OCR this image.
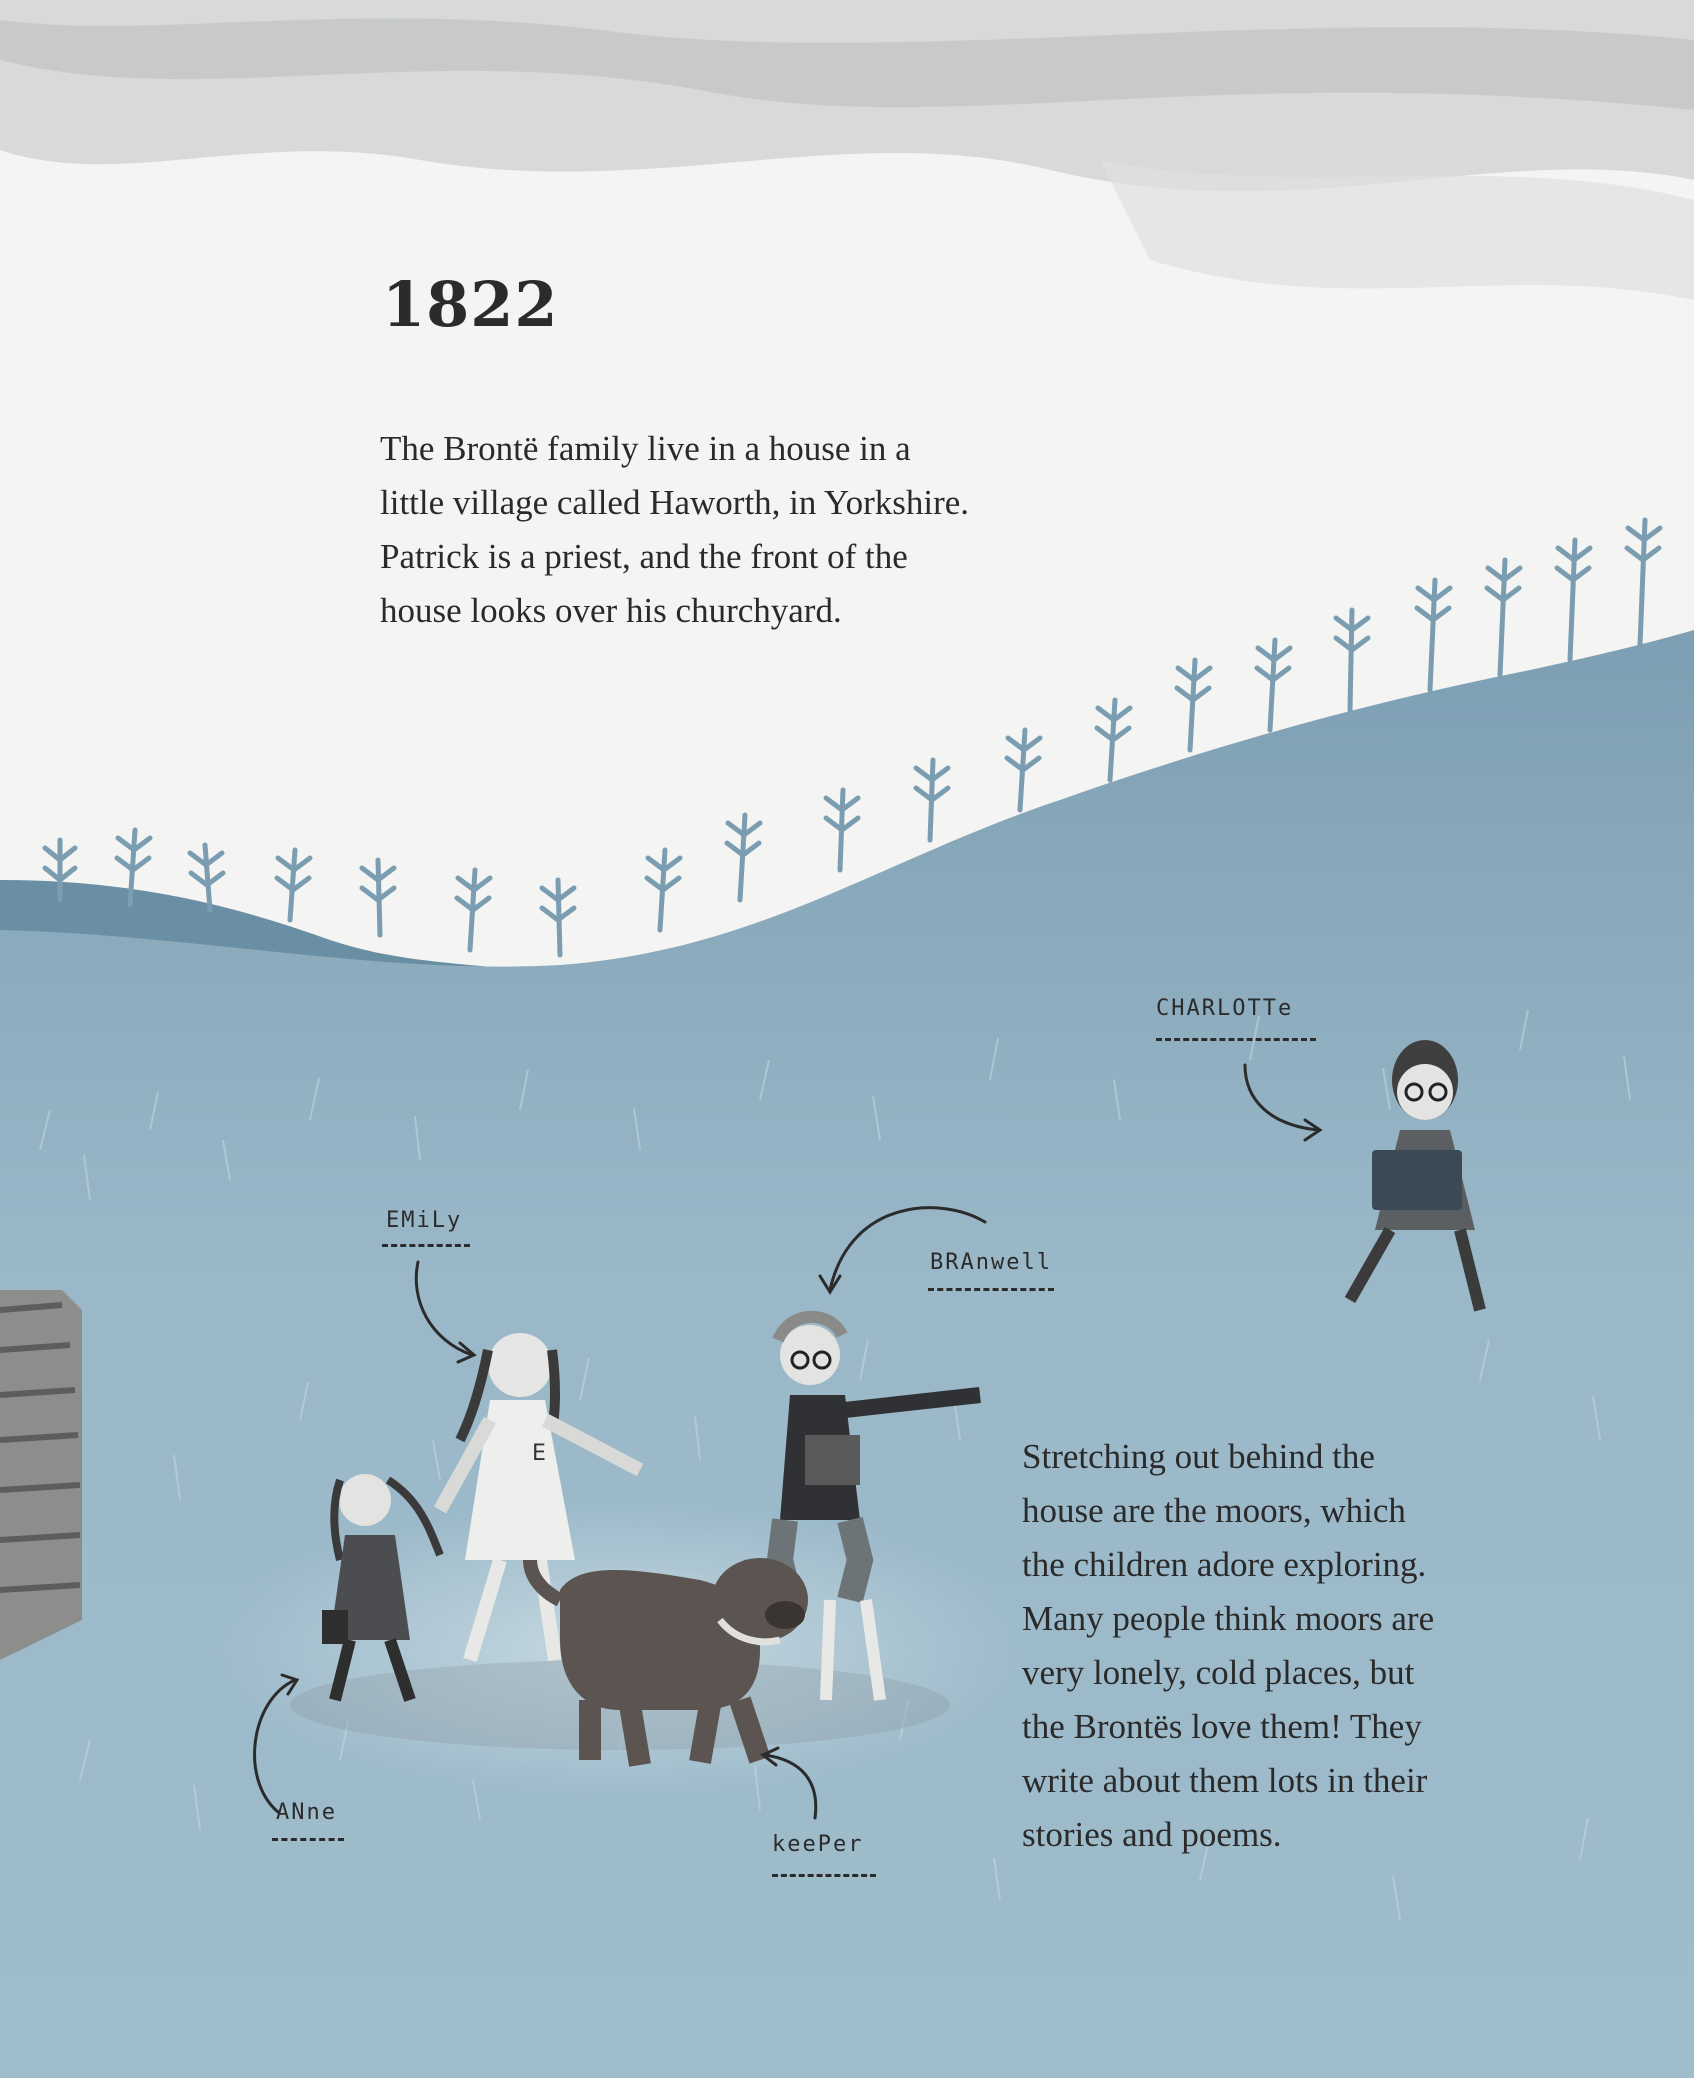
E
1822
The Brontë family live in a house in a
little village called Haworth, in Yorkshire.
Patrick is a priest, and the front of the
house looks over his churchyard.
Stretching out behind the
house are the moors, which
the children adore exploring.
Many people think moors are
very lonely, cold places, but
the Brontës love them! They
write about them lots in their
stories and poems.
CHARLOTTe
EMiLy
BRAnwell
ANne
keePer
